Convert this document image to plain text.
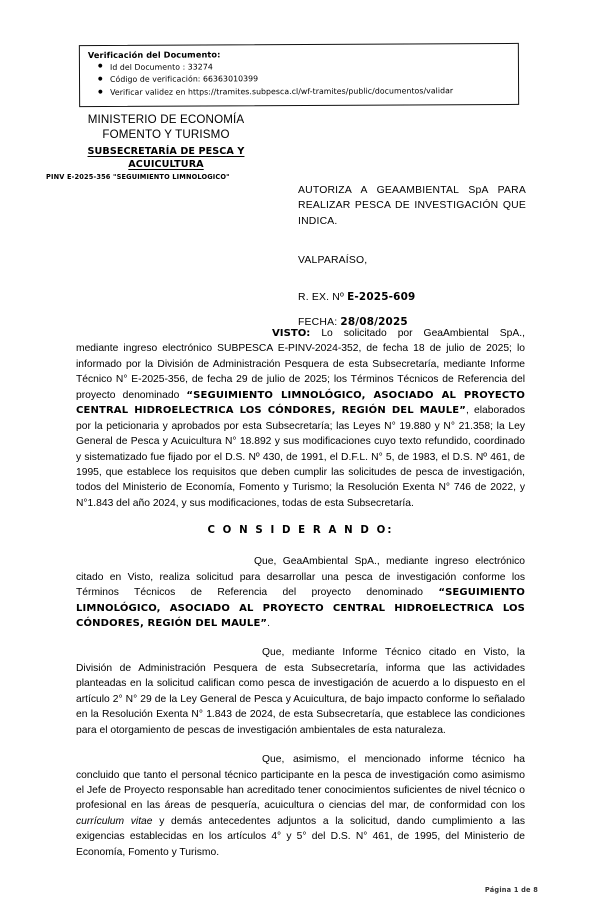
Verificación del Documento:
● Id del Documento : 33274
● Código de verificación: 66363010399
● Verificar validez en https://tramites.subpesca.cl/wf-tramites/public/documentos/validar
MINISTERIO DE ECONOMÍA
FOMENTO Y TURISMO
SUBSECRETARÍA DE PESCA Y
ACUICULTURA
PINV E-2025-356 "SEGUIMIENTO LIMNOLOGICO"
AUTORIZA A GEAAMBIENTAL SpA PARA REALIZAR PESCA DE INVESTIGACIÓN QUE INDICA.
VALPARAÍSO,
R. EX. Nº E-2025-609
FECHA: 28/08/2025

VISTO: Lo solicitado por GeaAmbiental SpA., mediante ingreso electrónico SUBPESCA E-PINV-2024-352, de fecha 18 de julio de 2025; lo informado por la División de Administración Pesquera de esta Subsecretaría, mediante Informe Técnico N° E-2025-356, de fecha 29 de julio de 2025; los Términos Técnicos de Referencia del proyecto denominado “SEGUIMIENTO LIMNOLÓGICO, ASOCIADO AL PROYECTO CENTRAL HIDROELECTRICA LOS CÓNDORES, REGIÓN DEL MAULE”, elaborados por la peticionaria y aprobados por esta Subsecretaría; las Leyes N° 19.880 y N° 21.358; la Ley General de Pesca y Acuicultura N° 18.892 y sus modificaciones cuyo texto refundido, coordinado y sistematizado fue fijado por el D.S. Nº 430, de 1991, el D.F.L. N° 5, de 1983, el D.S. Nº 461, de 1995, que establece los requisitos que deben cumplir las solicitudes de pesca de investigación, todos del Ministerio de Economía, Fomento y Turismo; la Resolución Exenta N° 746 de 2022, y N°1.843 del año 2024, y sus modificaciones, todas de esta Subsecretaría.

C O N S I D E R A N D O:

Que, GeaAmbiental SpA., mediante ingreso electrónico citado en Visto, realiza solicitud para desarrollar una pesca de investigación conforme los Términos Técnicos de Referencia del proyecto denominado “SEGUIMIENTO LIMNOLÓGICO, ASOCIADO AL PROYECTO CENTRAL HIDROELECTRICA LOS CÓNDORES, REGIÓN DEL MAULE”.

Que, mediante Informe Técnico citado en Visto, la División de Administración Pesquera de esta Subsecretaría, informa que las actividades planteadas en la solicitud califican como pesca de investigación de acuerdo a lo dispuesto en el artículo 2° N° 29 de la Ley General de Pesca y Acuicultura, de bajo impacto conforme lo señalado en la Resolución Exenta N° 1.843 de 2024, de esta Subsecretaría, que establece las condiciones para el otorgamiento de pescas de investigación ambientales de esta naturaleza.

Que, asimismo, el mencionado informe técnico ha concluido que tanto el personal técnico participante en la pesca de investigación como asimismo el Jefe de Proyecto responsable han acreditado tener conocimientos suficientes de nivel técnico o profesional en las áreas de pesquería, acuicultura o ciencias del mar, de conformidad con los currículum vitae y demás antecedentes adjuntos a la solicitud, dando cumplimiento a las exigencias establecidas en los artículos 4° y 5° del D.S. N° 461, de 1995, del Ministerio de Economía, Fomento y Turismo.

Página 1 de 8
